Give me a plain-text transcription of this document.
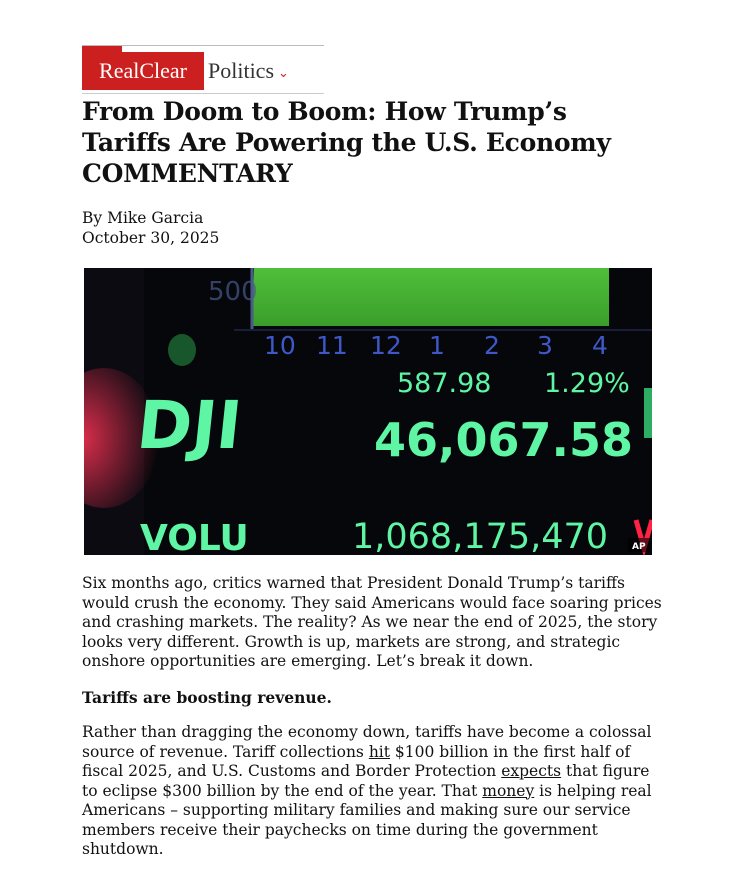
RealClear Politics ⌄
From Doom to Boom: How Trump’s
Tariffs Are Powering the U.S. Economy
COMMENTARY
By Mike Garcia
October 30, 2025
500
10 11 12 1 2 3 4
587.98 1.29%
DJI	46,067.58
VOLU	1,068,175,470	AP

Six months ago, critics warned that President Donald Trump’s tariffs would crush the economy. They said Americans would face soaring prices and crashing markets. The reality? As we near the end of 2025, the story looks very different. Growth is up, markets are strong, and strategic onshore opportunities are emerging. Let’s break it down.

Tariffs are boosting revenue.

Rather than dragging the economy down, tariffs have become a colossal source of revenue. Tariff collections hit $100 billion in the first half of fiscal 2025, and U.S. Customs and Border Protection expects that figure to eclipse $300 billion by the end of the year. That money is helping real Americans – supporting military families and making sure our service members receive their paychecks on time during the government shutdown.
